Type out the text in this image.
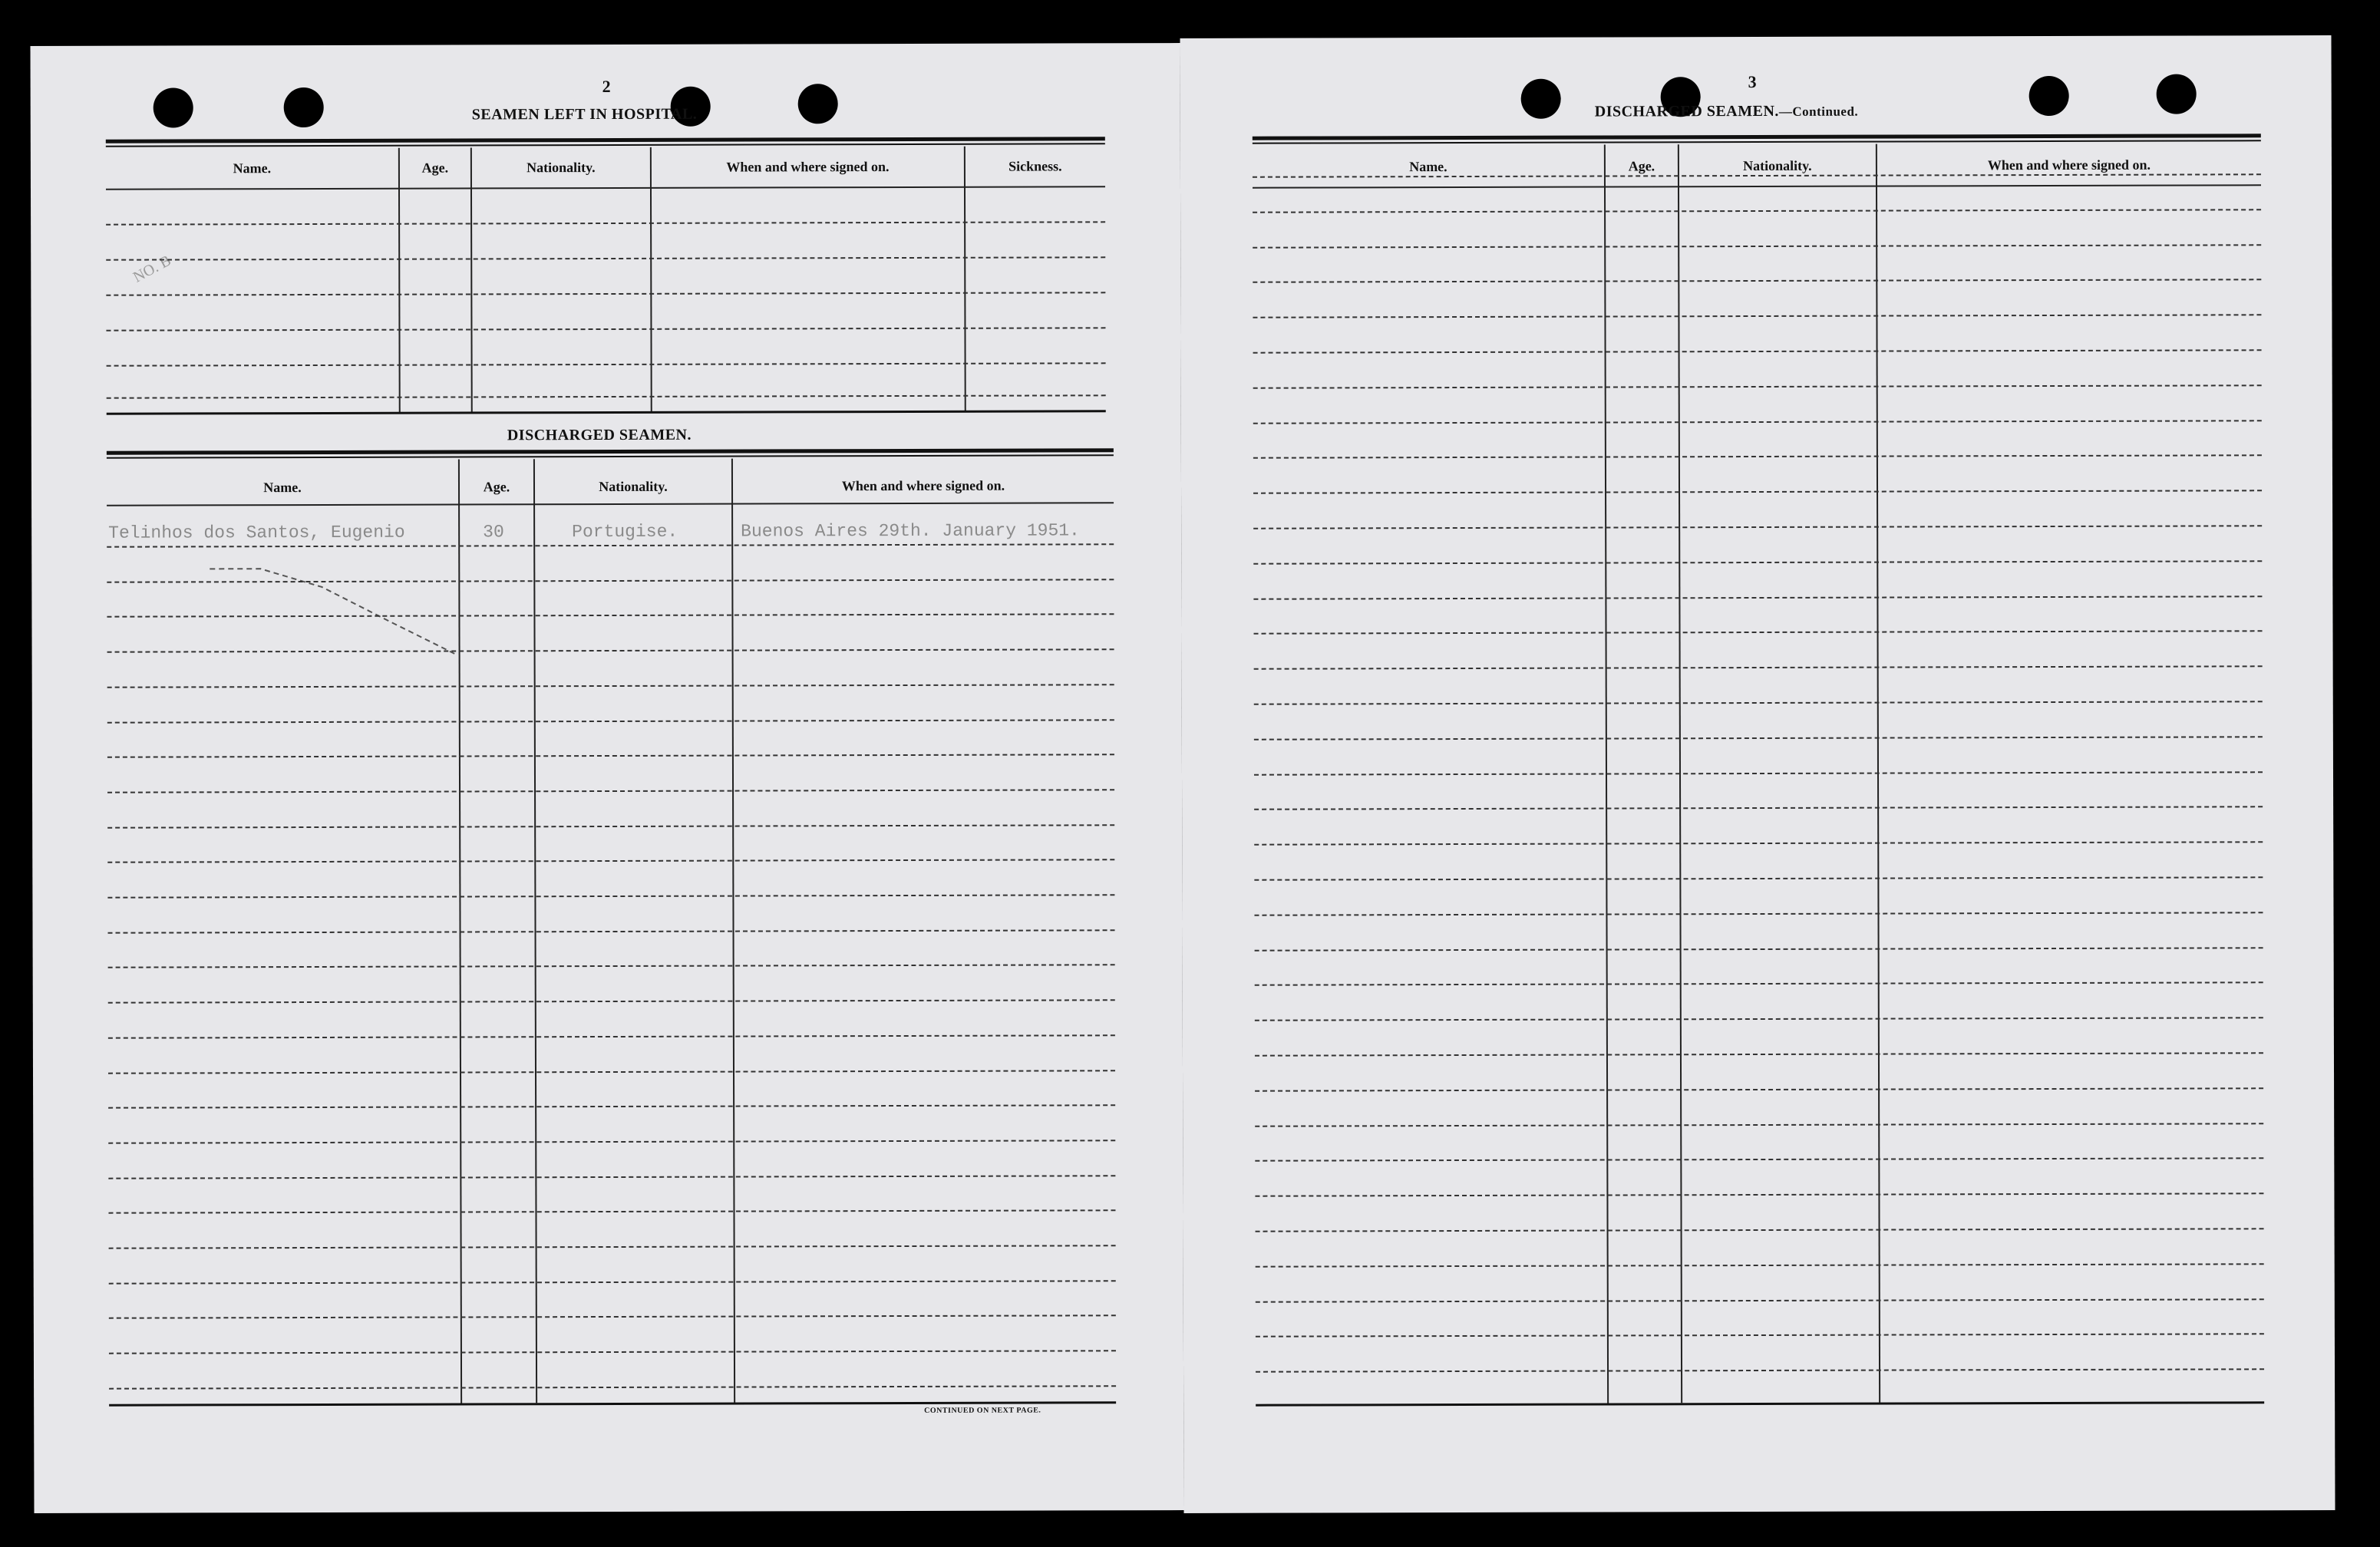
2
SEAMEN LEFT IN HOSPITAL.
NO. B
Name.	Age.	Nationality.	When and where signed on.	Sickness.
DISCHARGED SEAMEN.
Name.	Age.	Nationality.	When and where signed on.
Telinhos dos Santos, Eugenio	30	Portugise.	Buenos Aires 29th. January 1951.
CONTINUED ON NEXT PAGE.
3
DISCHARGED SEAMEN.—Continued.
Name.	Age.	Nationality.	When and where signed on.
